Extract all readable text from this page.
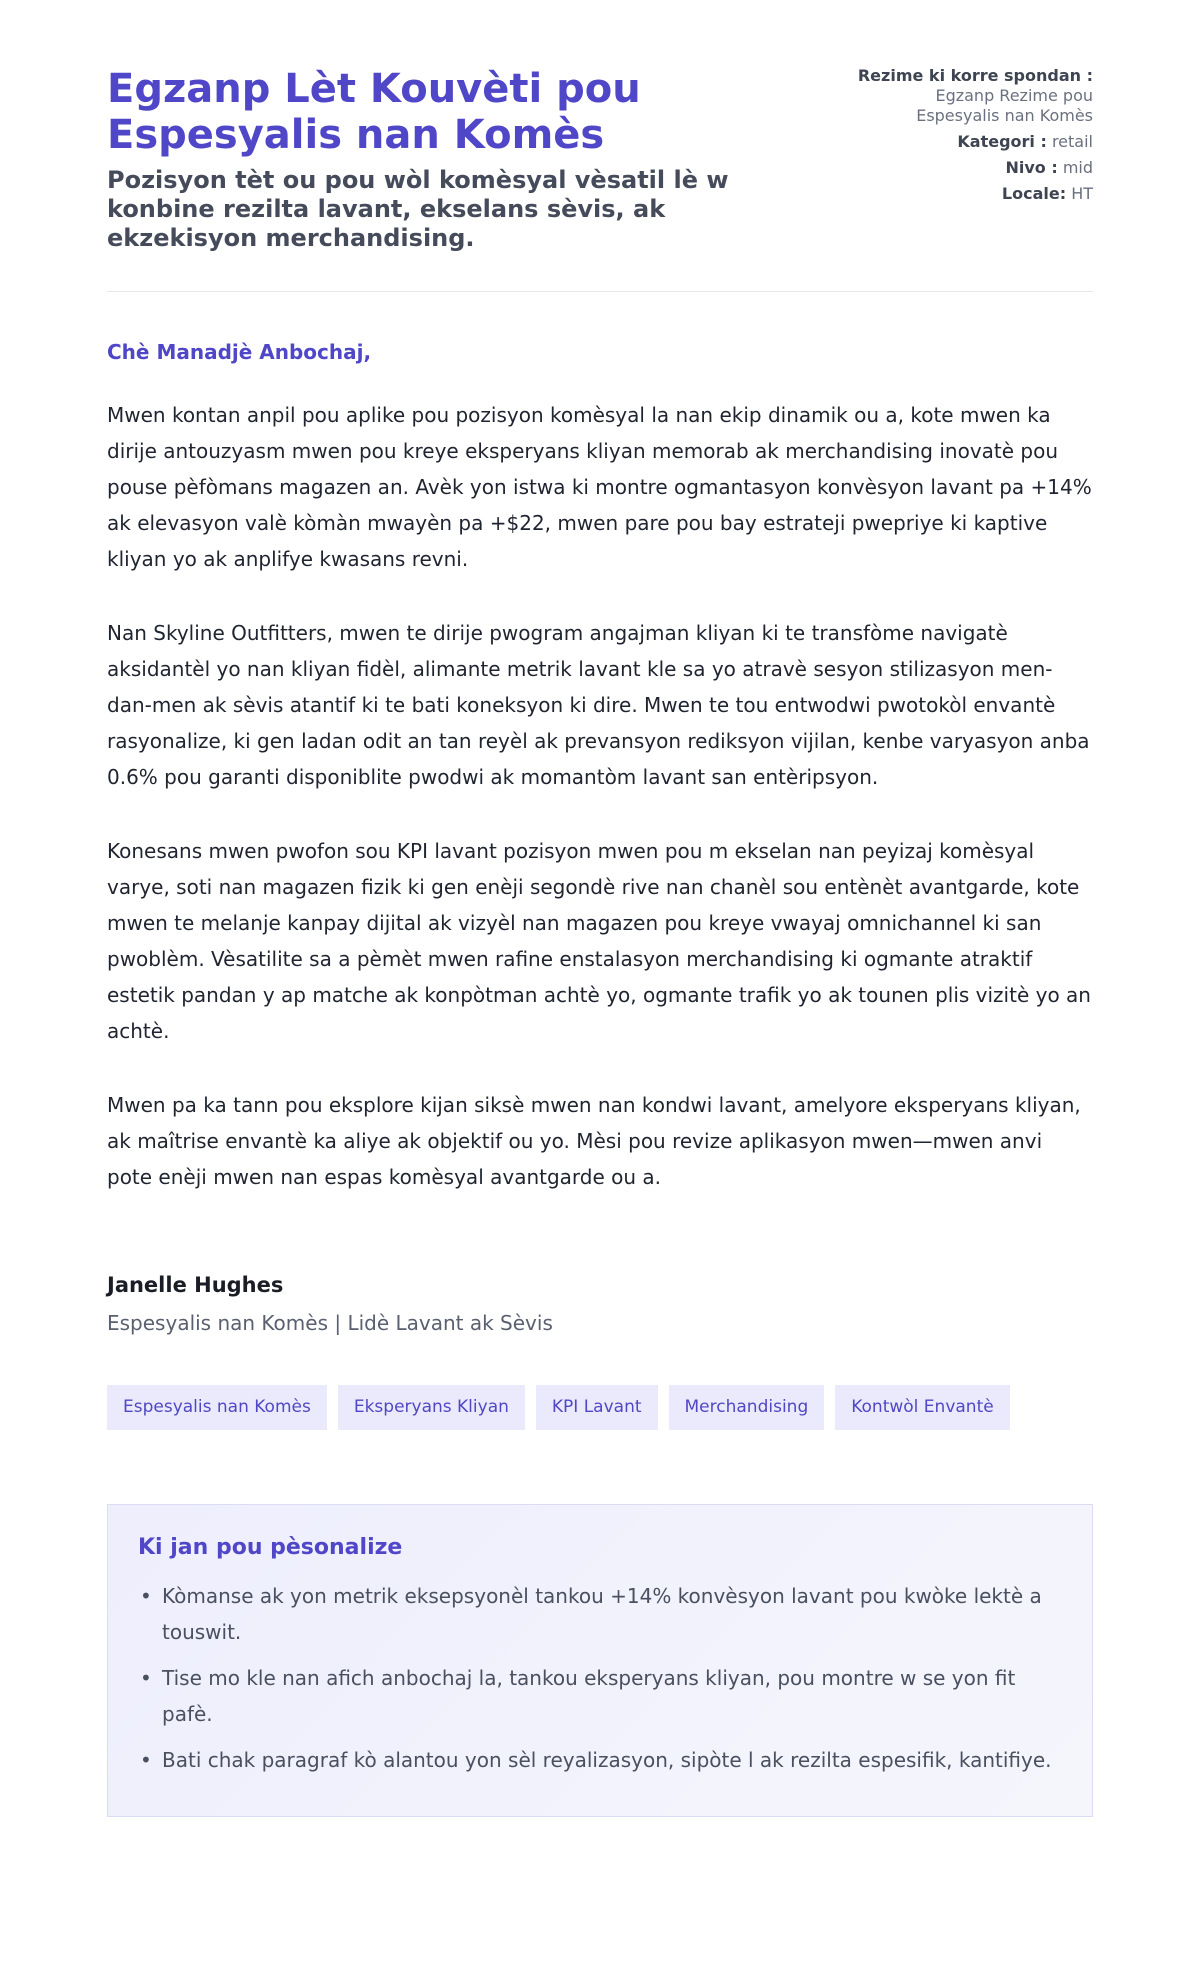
Egzanp Lèt Kouvèti pou Espesyalis nan Komès
Pozisyon tèt ou pou wòl komèsyal vèsatil lè w konbine rezilta lavant, ekselans sèvis, ak ekzekisyon merchandising.
Rezime ki korre spondan :
Egzanp Rezime pou Espesyalis nan Komès
Kategori : retail
Nivo : mid
Locale: HT
Chè Manadjè Anbochaj,

Mwen kontan anpil pou aplike pou pozisyon komèsyal la nan ekip dinamik ou a, kote mwen ka dirije antouzyasm mwen pou kreye eksperyans kliyan memorab ak merchandising inovatè pou pouse pèfòmans magazen an. Avèk yon istwa ki montre ogmantasyon konvèsyon lavant pa +14% ak elevasyon valè kòmàn mwayèn pa +$22, mwen pare pou bay estrateji pwepriye ki kaptive kliyan yo ak anplifye kwasans revni.

Nan Skyline Outfitters, mwen te dirije pwogram angajman kliyan ki te transfòme navigatè aksidantèl yo nan kliyan fidèl, alimante metrik lavant kle sa yo atravè sesyon stilizasyon men-dan-men ak sèvis atantif ki te bati koneksyon ki dire. Mwen te tou entwodwi pwotokòl envantè rasyonalize, ki gen ladan odit an tan reyèl ak prevansyon rediksyon vijilan, kenbe varyasyon anba 0.6% pou garanti disponiblite pwodwi ak momantòm lavant san entèripsyon.

Konesans mwen pwofon sou KPI lavant pozisyon mwen pou m ekselan nan peyizaj komèsyal varye, soti nan magazen fizik ki gen enèji segondè rive nan chanèl sou entènèt avantgarde, kote mwen te melanje kanpay dijital ak vizyèl nan magazen pou kreye vwayaj omnichannel ki san pwoblèm. Vèsatilite sa a pèmèt mwen rafine enstalasyon merchandising ki ogmante atraktif estetik pandan y ap matche ak konpòtman achtè yo, ogmante trafik yo ak tounen plis vizitè yo an achtè.

Mwen pa ka tann pou eksplore kijan siksè mwen nan kondwi lavant, amelyore eksperyans kliyan, ak maîtrise envantè ka aliye ak objektif ou yo. Mèsi pou revize aplikasyon mwen—mwen anvi pote enèji mwen nan espas komèsyal avantgarde ou a.

Janelle Hughes
Espesyalis nan Komès | Lidè Lavant ak Sèvis
Espesyalis nan Komès	Eksperyans Kliyan	KPI Lavant	Merchandising	Kontwòl Envantè
Ki jan pou pèsonalize
• Kòmanse ak yon metrik eksepsyonèl tankou +14% konvèsyon lavant pou kwòke lektè a touswit.
• Tise mo kle nan afich anbochaj la, tankou eksperyans kliyan, pou montre w se yon fit pafè.
• Bati chak paragraf kò alantou yon sèl reyalizasyon, sipòte l ak rezilta espesifik, kantifiye.
